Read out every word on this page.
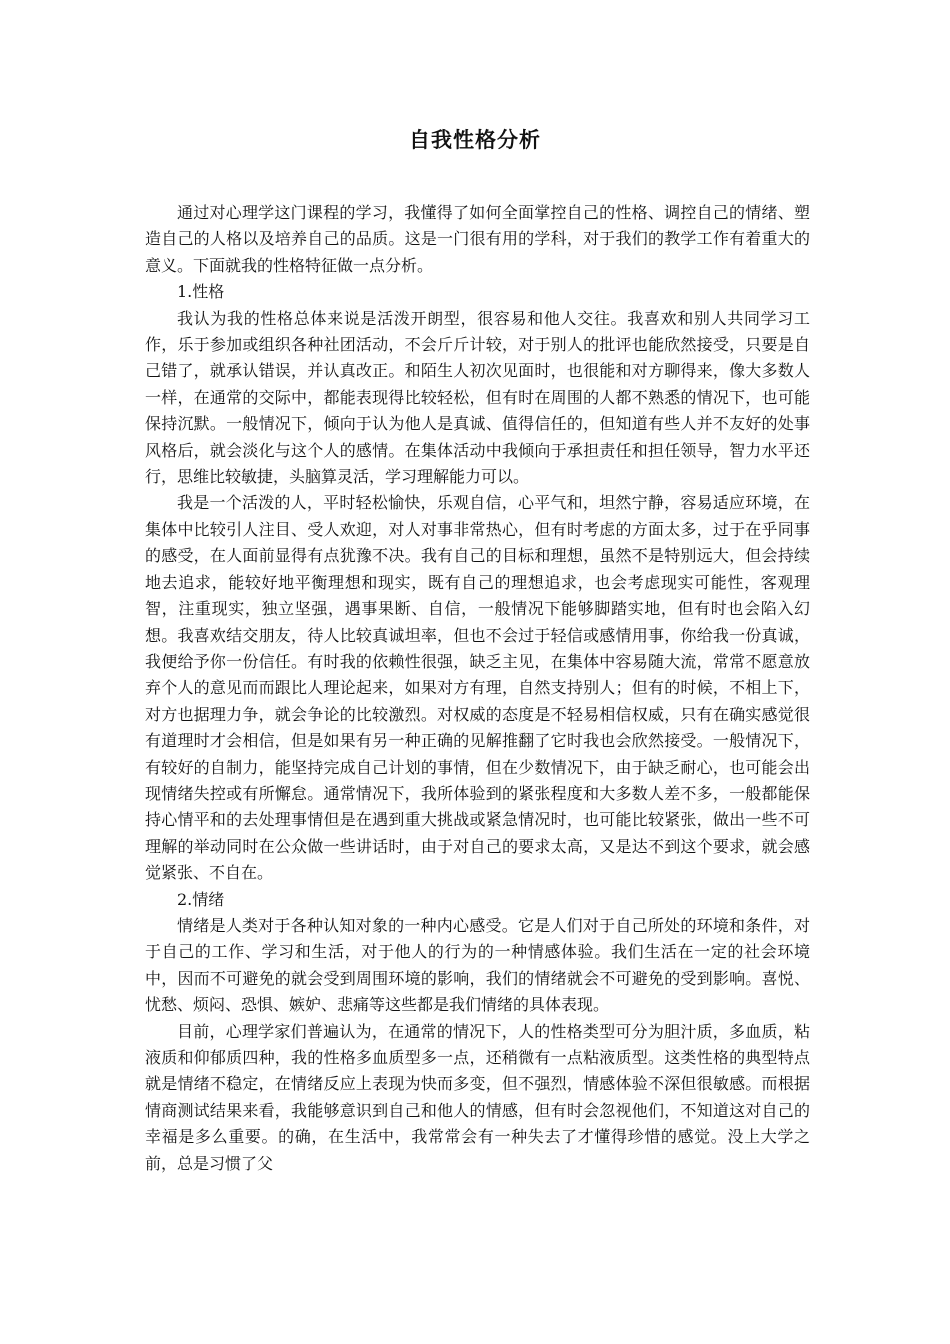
自我性格分析

通过对心理学这门课程的学习，我懂得了如何全面掌控自己的性格、调控自己的情绪、塑造自己的人格以及培养自己的品质。这是一门很有用的学科，对于我们的教学工作有着重大的意义。下面就我的性格特征做一点分析。

1.性格

我认为我的性格总体来说是活泼开朗型，很容易和他人交往。我喜欢和别人共同学习工作，乐于参加或组织各种社团活动，不会斤斤计较，对于别人的批评也能欣然接受，只要是自己错了，就承认错误，并认真改正。和陌生人初次见面时，也很能和对方聊得来，像大多数人一样，在通常的交际中，都能表现得比较轻松，但有时在周围的人都不熟悉的情况下，也可能保持沉默。一般情况下，倾向于认为他人是真诚、值得信任的，但知道有些人并不友好的处事风格后，就会淡化与这个人的感情。在集体活动中我倾向于承担责任和担任领导，智力水平还行，思维比较敏捷，头脑算灵活，学习理解能力可以。

我是一个活泼的人，平时轻松愉快，乐观自信，心平气和，坦然宁静，容易适应环境，在集体中比较引人注目、受人欢迎，对人对事非常热心，但有时考虑的方面太多，过于在乎同事的感受，在人面前显得有点犹豫不决。我有自己的目标和理想，虽然不是特别远大，但会持续地去追求，能较好地平衡理想和现实，既有自己的理想追求，也会考虑现实可能性，客观理智，注重现实，独立坚强，遇事果断、自信，一般情况下能够脚踏实地，但有时也会陷入幻想。我喜欢结交朋友，待人比较真诚坦率，但也不会过于轻信或感情用事，你给我一份真诚，我便给予你一份信任。有时我的依赖性很强，缺乏主见，在集体中容易随大流，常常不愿意放弃个人的意见而而跟比人理论起来，如果对方有理，自然支持别人；但有的时候，不相上下，对方也据理力争，就会争论的比较激烈。对权威的态度是不轻易相信权威，只有在确实感觉很有道理时才会相信，但是如果有另一种正确的见解推翻了它时我也会欣然接受。一般情况下，有较好的自制力，能坚持完成自己计划的事情，但在少数情况下，由于缺乏耐心，也可能会出现情绪失控或有所懈怠。通常情况下，我所体验到的紧张程度和大多数人差不多，一般都能保持心情平和的去处理事情但是在遇到重大挑战或紧急情况时，也可能比较紧张，做出一些不可理解的举动同时在公众做一些讲话时，由于对自己的要求太高，又是达不到这个要求，就会感觉紧张、不自在。

2.情绪

情绪是人类对于各种认知对象的一种内心感受。它是人们对于自己所处的环境和条件，对于自己的工作、学习和生活，对于他人的行为的一种情感体验。我们生活在一定的社会环境中，因而不可避免的就会受到周围环境的影响，我们的情绪就会不可避免的受到影响。喜悦、忧愁、烦闷、恐惧、嫉妒、悲痛等这些都是我们情绪的具体表现。

目前，心理学家们普遍认为，在通常的情况下，人的性格类型可分为胆汁质，多血质，粘液质和仰郁质四种，我的性格多血质型多一点，还稍微有一点粘液质型。这类性格的典型特点就是情绪不稳定，在情绪反应上表现为快而多变，但不强烈，情感体验不深但很敏感。而根据情商测试结果来看，我能够意识到自己和他人的情感，但有时会忽视他们，不知道这对自己的幸福是多么重要。的确，在生活中，我常常会有一种失去了才懂得珍惜的感觉。没上大学之前，总是习惯了父
